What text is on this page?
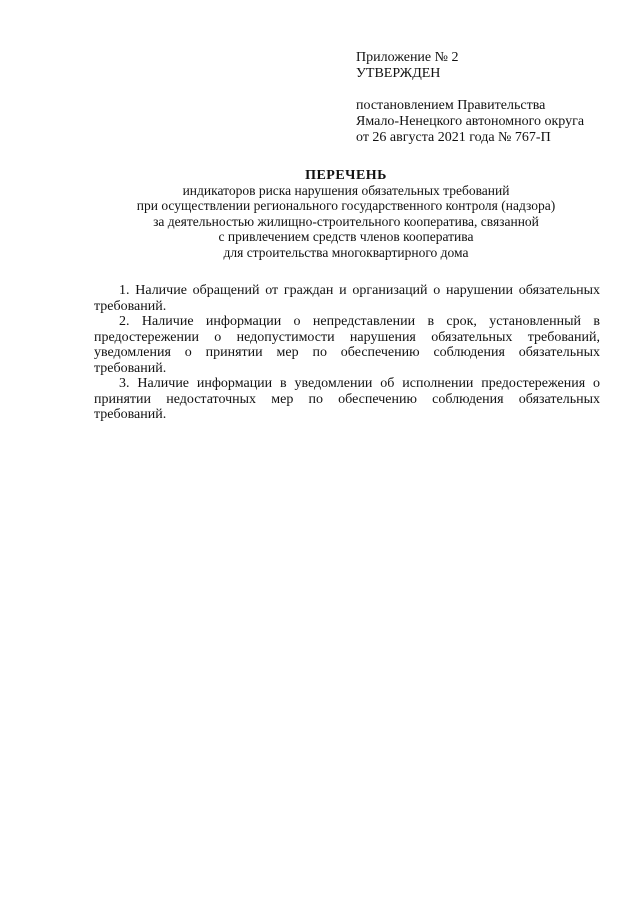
Приложение № 2
УТВЕРЖДЕН
постановлением Правительства
Ямало-Ненецкого автономного округа
от 26 августа 2021 года № 767-П
ПЕРЕЧЕНЬ
индикаторов риска нарушения обязательных требований
при осуществлении регионального государственного контроля (надзора)
за деятельностью жилищно-строительного кооператива, связанной
с привлечением средств членов кооператива
для строительства многоквартирного дома

1. Наличие обращений от граждан и организаций о нарушении обязательных требований.

2. Наличие информации о непредставлении в срок, установленный в предостережении о недопустимости нарушения обязательных требований, уведомления о принятии мер по обеспечению соблюдения обязательных требований.

3. Наличие информации в уведомлении об исполнении предостережения о принятии недостаточных мер по обеспечению соблюдения обязательных требований.
